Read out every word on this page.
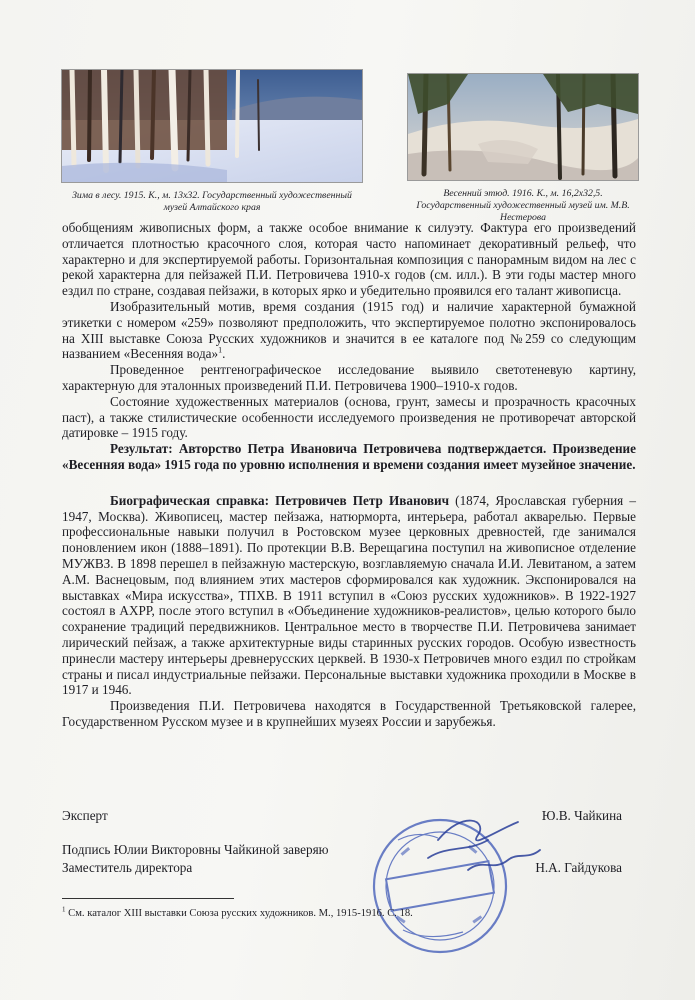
Зима в лесу. 1915. К., м. 13x32. Государственный художественный музей Алтайского края
Весенний этюд. 1916. К., м. 16,2x32,5. Государственный художественный музей им. М.В. Нестерова

обобщениям живописных форм, а также особое внимание к силуэту. Фактура его произведений отличается плотностью красочного слоя, которая часто напоминает декоративный рельеф, что характерно и для экспертируемой работы. Горизонтальная композиция с панорамным видом на лес с рекой характерна для пейзажей П.И. Петровичева 1910-х годов (см. илл.). В эти годы мастер много ездил по стране, создавая пейзажи, в которых ярко и убедительно проявился его талант живописца.

Изобразительный мотив, время создания (1915 год) и наличие характерной бумажной этикетки с номером «259» позволяют предположить, что экспертируемое полотно экспонировалось на XIII выставке Союза Русских художников и значится в ее каталоге под №259 со следующим названием «Весенняя вода»$^1$.

Проведенное рентгенографическое исследование выявило светотеневую картину, характерную для эталонных произведений П.И. Петровичева 1900–1910-х годов.

Состояние художественных материалов (основа, грунт, замесы и прозрачность красочных паст), а также стилистические особенности исследуемого произведения не противоречат авторской датировке – 1915 году.

Результат: Авторство Петра Ивановича Петровичева подтверждается. Произведение «Весенняя вода» 1915 года по уровню исполнения и времени создания имеет музейное значение.

Биографическая справка: Петровичев Петр Иванович (1874, Ярославская губерния – 1947, Москва). Живописец, мастер пейзажа, натюрморта, интерьера, работал акварелью. Первые профессиональные навыки получил в Ростовском музее церковных древностей, где занимался поновлением икон (1888–1891). По протекции В.В. Верещагина поступил на живописное отделение МУЖВЗ. В 1898 перешел в пейзажную мастерскую, возглавляемую сначала И.И. Левитаном, а затем А.М. Васнецовым, под влиянием этих мастеров сформировался как художник. Экспонировался на выставках «Мира искусства», ТПХВ. В 1911 вступил в «Союз русских художников». В 1922-1927 состоял в АХРР, после этого вступил в «Объединение художников-реалистов», целью которого было сохранение традиций передвижников. Центральное место в творчестве П.И. Петровичева занимает лирический пейзаж, а также архитектурные виды старинных русских городов. Особую известность принесли мастеру интерьеры древнерусских церквей. В 1930-х Петровичев много ездил по стройкам страны и писал индустриальные пейзажи. Персональные выставки художника проходили в Москве в 1917 и 1946.

Произведения П.И. Петровичева находятся в Государственной Третьяковской галерее, Государственном Русском музее и в крупнейших музеях России и зарубежья.

Эксперт	Ю.В. Чайкина
Подпись Юлии Викторовны Чайкиной заверяю
Заместитель директора	Н.А. Гайдукова
$^1$ См. каталог XIII выставки Союза русских художников. М., 1915-1916. С. 18.
